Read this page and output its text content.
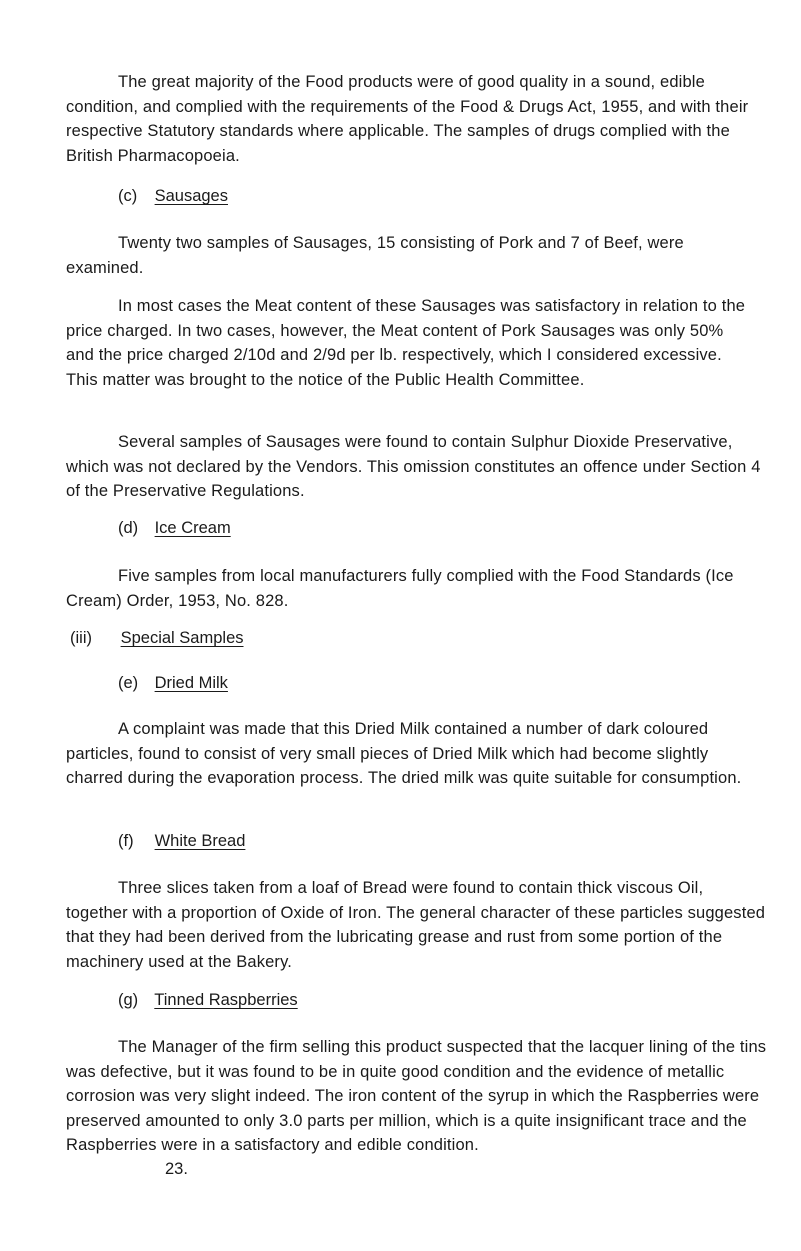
The great majority of the Food products were of good quality in a sound, edible condition, and complied with the requirements of the Food & Drugs Act, 1955, and with their respective Statutory standards where applicable. The samples of drugs complied with the British Pharmacopoeia.

(c) Sausages

Twenty two samples of Sausages, 15 consisting of Pork and 7 of Beef, were examined.

In most cases the Meat content of these Sausages was satisfactory in relation to the price charged. In two cases, however, the Meat content of Pork Sausages was only 50% and the price charged 2/10d and 2/9d per lb. respectively, which I considered excessive. This matter was brought to the notice of the Public Health Committee.

Several samples of Sausages were found to contain Sulphur Dioxide Preservative, which was not declared by the Vendors. This omission constitutes an offence under Section 4 of the Preservative Regulations.

(d) Ice Cream

Five samples from local manufacturers fully complied with the Food Standards (Ice Cream) Order, 1953, No. 828.

(iii) Special Samples
(e) Dried Milk

A complaint was made that this Dried Milk contained a number of dark coloured particles, found to consist of very small pieces of Dried Milk which had become slightly charred during the evaporation process. The dried milk was quite suitable for consumption.

(f) White Bread

Three slices taken from a loaf of Bread were found to contain thick viscous Oil, together with a proportion of Oxide of Iron. The general character of these particles suggested that they had been derived from the lubricating grease and rust from some portion of the machinery used at the Bakery.

(g) Tinned Raspberries

The Manager of the firm selling this product suspected that the lacquer lining of the tins was defective, but it was found to be in quite good condition and the evidence of metallic corrosion was very slight indeed. The iron content of the syrup in which the Raspberries were preserved amounted to only 3.0 parts per million, which is a quite insignificant trace and the Raspberries were in a satisfactory and edible condition.

23.
